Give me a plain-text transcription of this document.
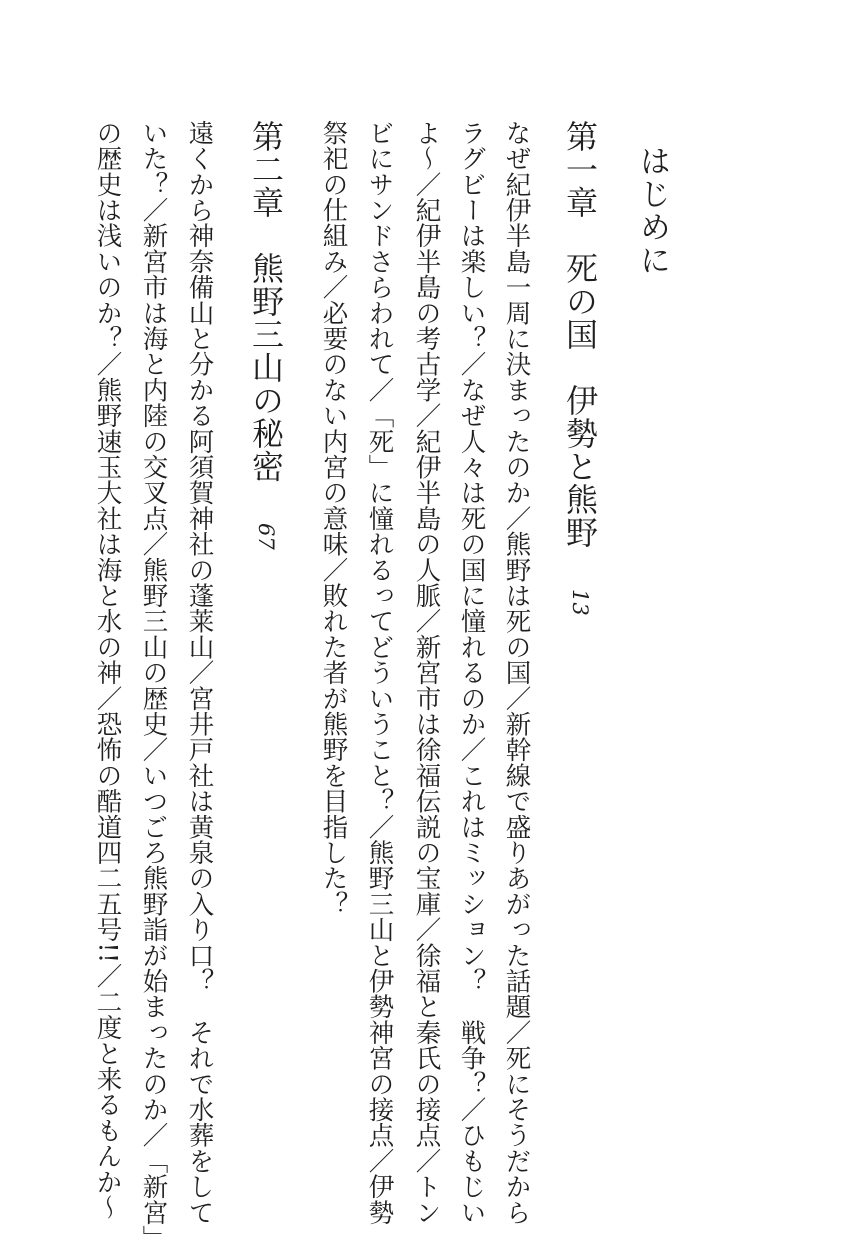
はじめに
第一章　死の国　伊勢と熊野13
なぜ紀伊半島一周に決まったのか／熊野は死の国／新幹線で盛りあがった話題／死にそうだから
ラグビーは楽しい？／なぜ人々は死の国に憧れるのか／これはミッション？　戦争？／ひもじい
よ～／紀伊半島の考古学／紀伊半島の人脈／新宮市は徐福伝説の宝庫／徐福と秦氏の接点／トン
ビにサンドさらわれて／「死」に憧れるってどういうこと？／熊野三山と伊勢神宮の接点／伊勢
祭祀の仕組み／必要のない内宮の意味／敗れた者が熊野を目指した？
第二章　熊野三山の秘密67
遠くから神奈備山と分かる阿須賀神社の蓬莱山／宮井戸社は黄泉の入り口？　それで水葬をして
いた？／新宮市は海と内陸の交叉点／熊野三山の歴史／いつごろ熊野詣が始まったのか／「新宮」
の歴史は浅いのか？／熊野速玉大社は海と水の神／恐怖の酷道四二五号!!／二度と来るもんか～
